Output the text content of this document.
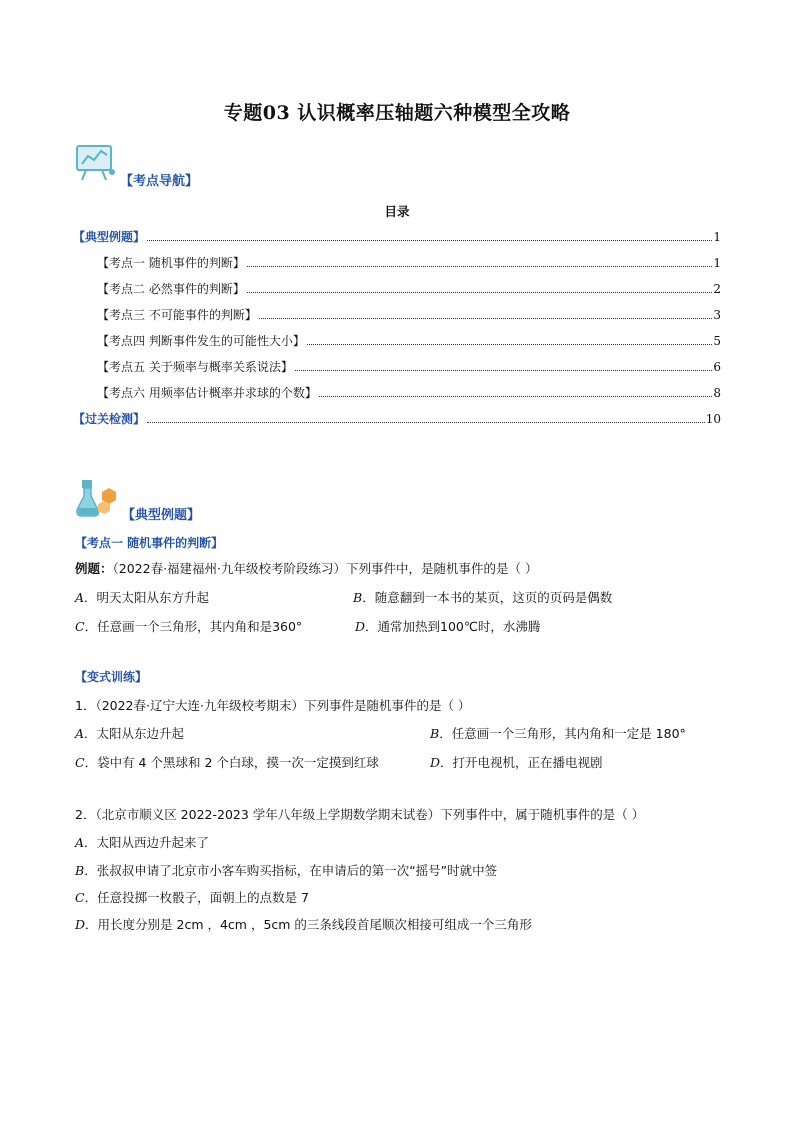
专题03 认识概率压轴题六种模型全攻略
【考点导航】
目录
【典型例题】	1
【考点一 随机事件的判断】	1
【考点二 必然事件的判断】	2
【考点三 不可能事件的判断】	3
【考点四 判断事件发生的可能性大小】	5
【考点五 关于频率与概率关系说法】	6
【考点六 用频率估计概率并求球的个数】	8
【过关检测】	10
【典型例题】
【考点一 随机事件的判断】
例题：（2022春·福建福州·九年级校考阶段练习）下列事件中，是随机事件的是（ ）
A．明天太阳从东方升起	B．随意翻到一本书的某页，这页的页码是偶数
C．任意画一个三角形，其内角和是360°	D．通常加热到100℃时，水沸腾
【变式训练】
1．（2022春·辽宁大连·九年级校考期末）下列事件是随机事件的是（ ）
A．太阳从东边升起	B．任意画一个三角形，其内角和一定是 180°
C．袋中有 4 个黑球和 2 个白球，摸一次一定摸到红球	D．打开电视机，正在播电视剧
2．（北京市顺义区 2022-2023 学年八年级上学期数学期末试卷）下列事件中，属于随机事件的是（ ）
A．太阳从西边升起来了
B．张叔叔申请了北京市小客车购买指标，在申请后的第一次“摇号”时就中签
C．任意投掷一枚骰子，面朝上的点数是 7
D．用长度分别是 2cm ，4cm ，5cm 的三条线段首尾顺次相接可组成一个三角形
